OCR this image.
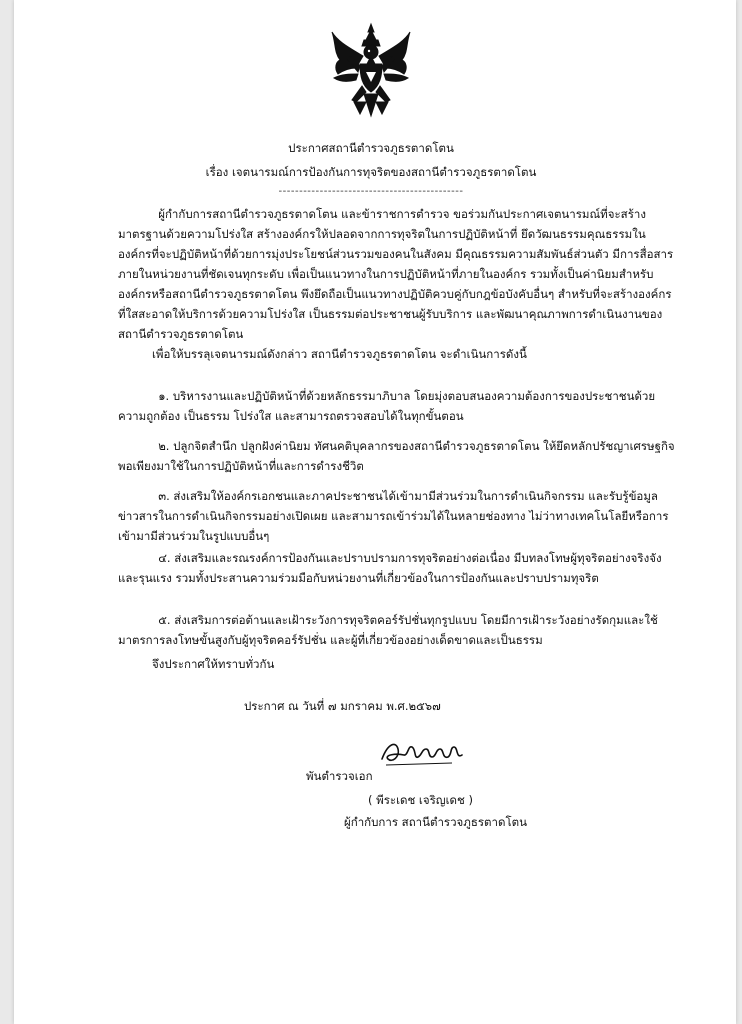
ประกาศสถานีตำรวจภูธรตาดโตน
เรื่อง เจตนารมณ์การป้องกันการทุจริตของสถานีตำรวจภูธรตาดโตน
---------------------------------------------
ผู้กำกับการสถานีตำรวจภูธรตาดโตน และข้าราชการตำรวจ ขอร่วมกันประกาศเจตนารมณ์ที่จะสร้างมาตรฐานด้วยความโปร่งใส สร้างองค์กรให้ปลอดจากการทุจริตในการปฏิบัติหน้าที่ ยึดวัฒนธรรมคุณธรรมในองค์กรที่จะปฏิบัติหน้าที่ด้วยการมุ่งประโยชน์ส่วนรวมของคนในสังคม มีคุณธรรมความสัมพันธ์ส่วนตัว มีการสื่อสารภายในหน่วยงานที่ชัดเจนทุกระดับ เพื่อเป็นแนวทางในการปฏิบัติหน้าที่ภายในองค์กร รวมทั้งเป็นค่านิยมสำหรับองค์กรหรือสถานีตำรวจภูธรตาดโตน พึงยึดถือเป็นแนวทางปฏิบัติควบคู่กับกฎข้อบังคับอื่นๆ สำหรับที่จะสร้างองค์กรที่ใสสะอาดให้บริการด้วยความโปร่งใส เป็นธรรมต่อประชาชนผู้รับบริการ และพัฒนาคุณภาพการดำเนินงานของสถานีตำรวจภูธรตาดโตน
เพื่อให้บรรลุเจตนารมณ์ดังกล่าว สถานีตำรวจภูธรตาดโตน จะดำเนินการดังนี้
๑. บริหารงานและปฏิบัติหน้าที่ด้วยหลักธรรมาภิบาล โดยมุ่งตอบสนองความต้องการของประชาชนด้วยความถูกต้อง เป็นธรรม โปร่งใส และสามารถตรวจสอบได้ในทุกขั้นตอน
๒. ปลูกจิตสำนึก ปลูกฝังค่านิยม ทัศนคติบุคลากรของสถานีตำรวจภูธรตาดโตน ให้ยึดหลักปรัชญาเศรษฐกิจพอเพียงมาใช้ในการปฏิบัติหน้าที่และการดำรงชีวิต
๓. ส่งเสริมให้องค์กรเอกชนและภาคประชาชนได้เข้ามามีส่วนร่วมในการดำเนินกิจกรรม และรับรู้ข้อมูลข่าวสารในการดำเนินกิจกรรมอย่างเปิดเผย และสามารถเข้าร่วมได้ในหลายช่องทาง ไม่ว่าทางเทคโนโลยีหรือการเข้ามามีส่วนร่วมในรูปแบบอื่นๆ
๔. ส่งเสริมและรณรงค์การป้องกันและปราบปรามการทุจริตอย่างต่อเนื่อง มีบทลงโทษผู้ทุจริตอย่างจริงจังและรุนแรง รวมทั้งประสานความร่วมมือกับหน่วยงานที่เกี่ยวข้องในการป้องกันและปราบปรามทุจริต
๕. ส่งเสริมการต่อต้านและเฝ้าระวังการทุจริตคอร์รัปชั่นทุกรูปแบบ โดยมีการเฝ้าระวังอย่างรัดกุมและใช้มาตรการลงโทษขั้นสูงกับผู้ทุจริตคอร์รัปชั่น และผู้ที่เกี่ยวข้องอย่างเด็ดขาดและเป็นธรรม
จึงประกาศให้ทราบทั่วกัน
ประกาศ ณ วันที่ ๗ มกราคม พ.ศ.๒๕๖๗
พันตำรวจเอก
( พีระเดช เจริญเดช )
ผู้กำกับการ สถานีตำรวจภูธรตาดโตน
